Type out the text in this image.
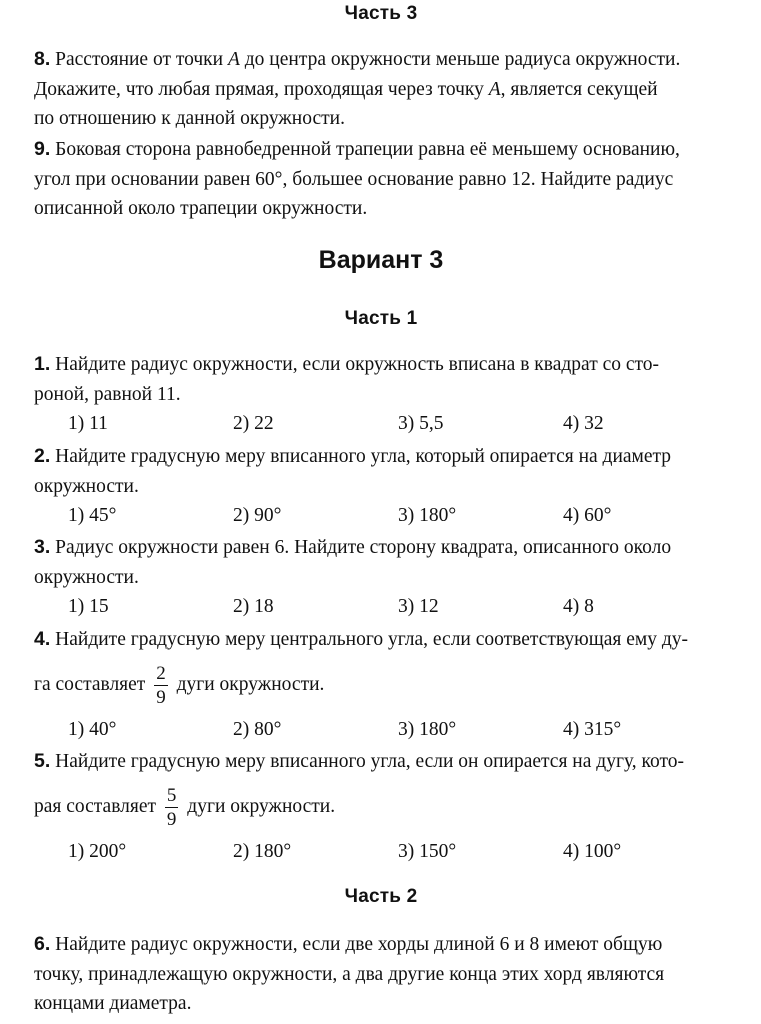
Часть 3

8. Расстояние от точки A до центра окружности меньше радиуса окружности.

Докажите, что любая прямая, проходящая через точку A, является секущей

по отношению к данной окружности.

9. Боковая сторона равнобедренной трапеции равна её меньшему основанию,

угол при основании равен 60°, большее основание равно 12. Найдите радиус

описанной около трапеции окружности.

Вариант 3
Часть 1

1. Найдите радиус окружности, если окружность вписана в квадрат со сто-

роной, равной 11.

1) 11	2) 22	3) 5,5	4) 32

2. Найдите градусную меру вписанного угла, который опирается на диаметр

окружности.

1) 45°	2) 90°	3) 180°	4) 60°

3. Радиус окружности равен 6. Найдите сторону квадрата, описанного около

окружности.

1) 15	2) 18	3) 12	4) 8

4. Найдите градусную меру центрального угла, если соответствующая ему ду-

га составляет $\frac{2}{9}$ дуги окружности.

1) 40°	2) 80°	3) 180°	4) 315°

5. Найдите градусную меру вписанного угла, если он опирается на дугу, кото-

рая составляет $\frac{5}{9}$ дуги окружности.

1) 200°	2) 180°	3) 150°	4) 100°
Часть 2

6. Найдите радиус окружности, если две хорды длиной 6 и 8 имеют общую

точку, принадлежащую окружности, а два другие конца этих хорд являются

концами диаметра.
